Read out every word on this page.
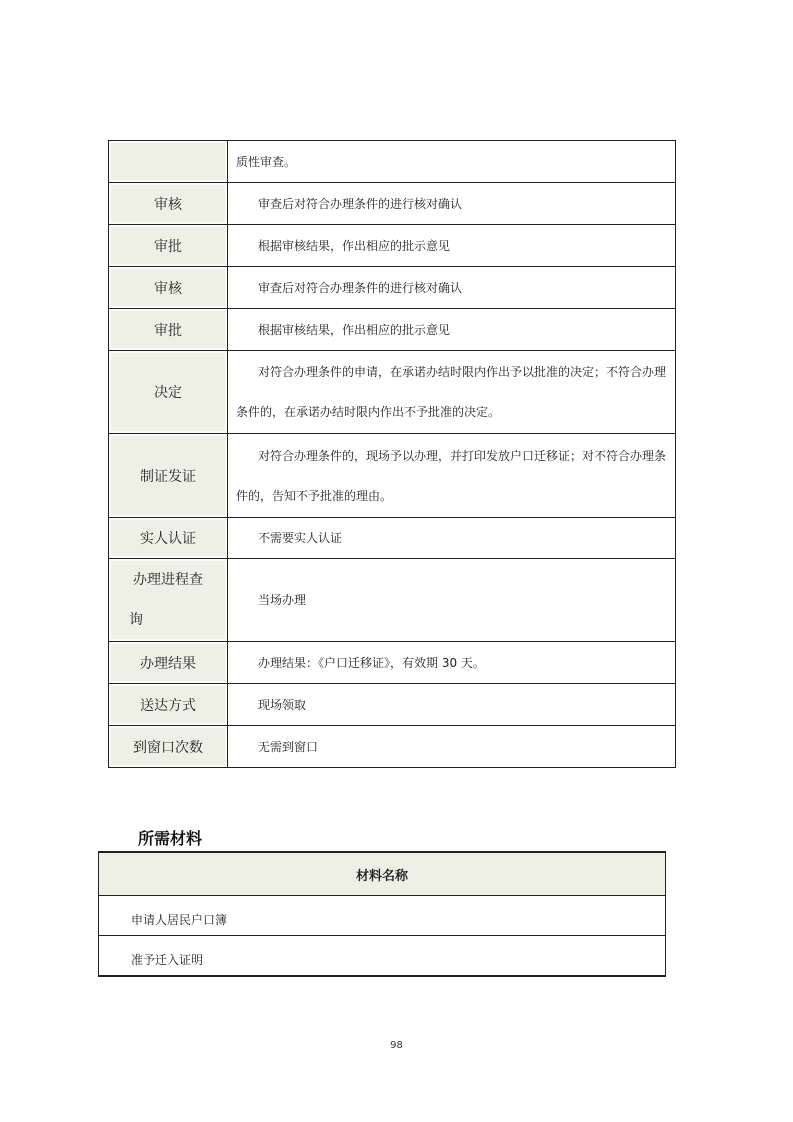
	质性审查。

审核	审查后对符合办理条件的进行核对确认

审批	根据审核结果，作出相应的批示意见

审核	审查后对符合办理条件的进行核对确认

审批	根据审核结果，作出相应的批示意见

决定	对符合办理条件的申请，在承诺办结时限内作出予以批准的决定；不符合办理
条件的，在承诺办结时限内作出不予批准的决定。

制证发证	对符合办理条件的，现场予以办理，并打印发放户口迁移证；对不符合办理条
件的，告知不予批准的理由。

实人认证	不需要实人认证

办理进程查
询	当场办理

办理结果	办理结果：《户口迁移证》，有效期 30 天。

送达方式	现场领取

到窗口次数	无需到窗口
所需材料
材料名称
申请人居民户口簿
准予迁入证明
98
